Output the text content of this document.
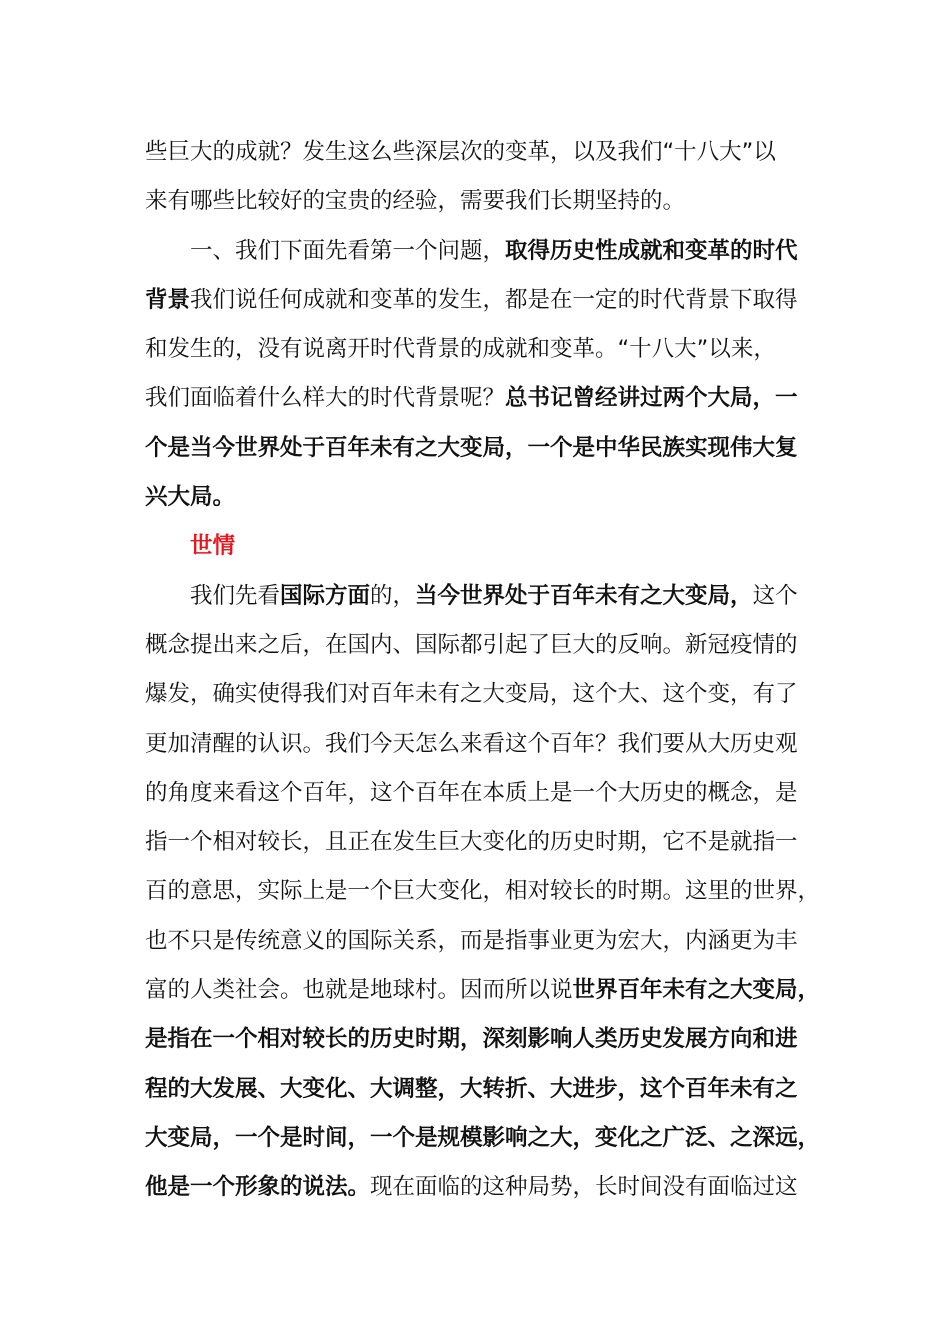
些巨大的成就？发生这么些深层次的变革，以及我们“十八大”以
来有哪些比较好的宝贵的经验，需要我们长期坚持的。
一、我们下面先看第一个问题，取得历史性成就和变革的时代
背景我们说任何成就和变革的发生，都是在一定的时代背景下取得
和发生的，没有说离开时代背景的成就和变革。“十八大”以来，
我们面临着什么样大的时代背景呢？总书记曾经讲过两个大局，一
个是当今世界处于百年未有之大变局，一个是中华民族实现伟大复
兴大局。
世情
我们先看国际方面的，当今世界处于百年未有之大变局，这个
概念提出来之后，在国内、国际都引起了巨大的反响。新冠疫情的
爆发，确实使得我们对百年未有之大变局，这个大、这个变，有了
更加清醒的认识。我们今天怎么来看这个百年？我们要从大历史观
的角度来看这个百年，这个百年在本质上是一个大历史的概念，是
指一个相对较长，且正在发生巨大变化的历史时期，它不是就指一
百的意思，实际上是一个巨大变化，相对较长的时期。这里的世界，
也不只是传统意义的国际关系，而是指事业更为宏大，内涵更为丰
富的人类社会。也就是地球村。因而所以说世界百年未有之大变局，
是指在一个相对较长的历史时期，深刻影响人类历史发展方向和进
程的大发展、大变化、大调整，大转折、大进步，这个百年未有之
大变局，一个是时间，一个是规模影响之大，变化之广泛、之深远，
他是一个形象的说法。现在面临的这种局势，长时间没有面临过这
